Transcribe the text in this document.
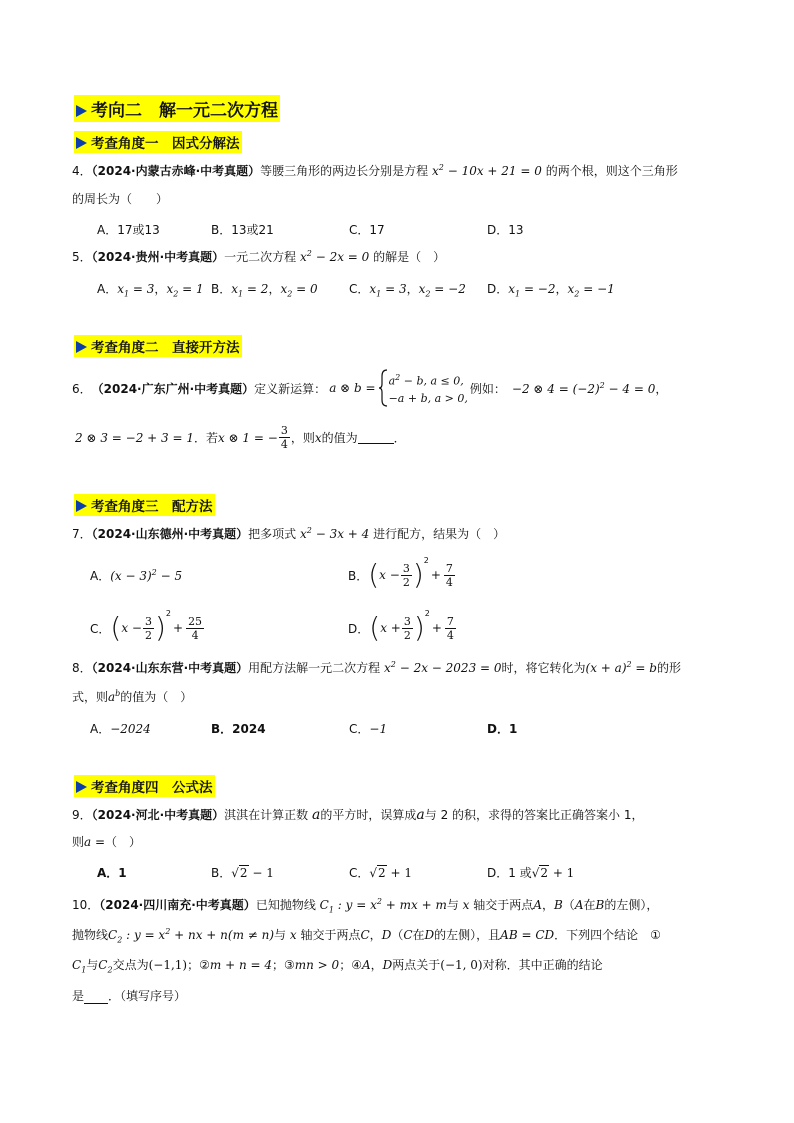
考向二　解一元二次方程
考查角度一　因式分解法
4．（2024·内蒙古赤峰·中考真题）等腰三角形的两边长分别是方程 $x^2 - 10x + 21 = 0$ 的两个根，则这个三角形
的周长为（　　）
A．17或13	B．13或21	C．17	D．13
5．（2024·贵州·中考真题）一元二次方程 $x^2 - 2x = 0$ 的解是（　）
A．$x_1 = 3$，$x_2 = 1$ B．$x_1 = 2$，$x_2 = 0$	C．$x_1 = 3$，$x_2 = -2$ D．$x_1 = -2$，$x_2 = -1$
考查角度二　直接开方法
6． （2024·广东广州·中考真题） 定义新运算： a ⊗ $b = a^2 - b$, a ≤ 0,
−a + b, a > 0,
例如： −2 ⊗ $4 = (-2)^2 - 4 = 0$ ，
2 ⊗ 3 = −2 + 3 = 1 ．若 x ⊗ 1 = − $\frac{3}{4}$ ，则 x 的值为	．
考查角度三　配方法
7．（2024·山东德州·中考真题）把多项式 $x^2 - 3x + 4$ 进行配方，结果为（　）
A． $(x - 3)^2 - 5$	B． ( $x - \frac{3}{2} )^2$
+ $\frac{7}{4}$
C． ( $x - \frac{3}{2} )^2$
+ $\frac{25}{4}$	D． ( $x + \frac{3}{2} )^2$
+ $\frac{7}{4}$
8．（2024·山东东营·中考真题）用配方法解一元二次方程 $x^2 - 2x - 2023 = 0$时，将它转化为$(x + a)^2 = b$的形
式，则$a^b$的值为（　）
A．−2024	B．2024	C．−1	D．1
考查角度四　公式法
9．（2024·河北·中考真题）淇淇在计算正数 a的平方时，误算成a与 2 的积，求得的答案比正确答案小 1，
则a =（　）
A．1	B．√2 − 1	C．√2 + 1	D．1 或√2 + 1
10．（2024·四川南充·中考真题）已知抛物线 $C_1$ : $y = x^2$ + mx + m与 x 轴交于两点A，B（A在B的左侧），
抛物线$C_2$ : $y = x^2$ + nx + n(m ≠ n)与 x 轴交于两点C，D（C在D的左侧），且AB = CD．下列四个结论　①
$C_1$与$C_2$交点为(−1,1)；②m + n = 4；③mn > 0；④A，D两点关于(−1, 0)对称．其中正确的结论
是 ．（填写序号）
